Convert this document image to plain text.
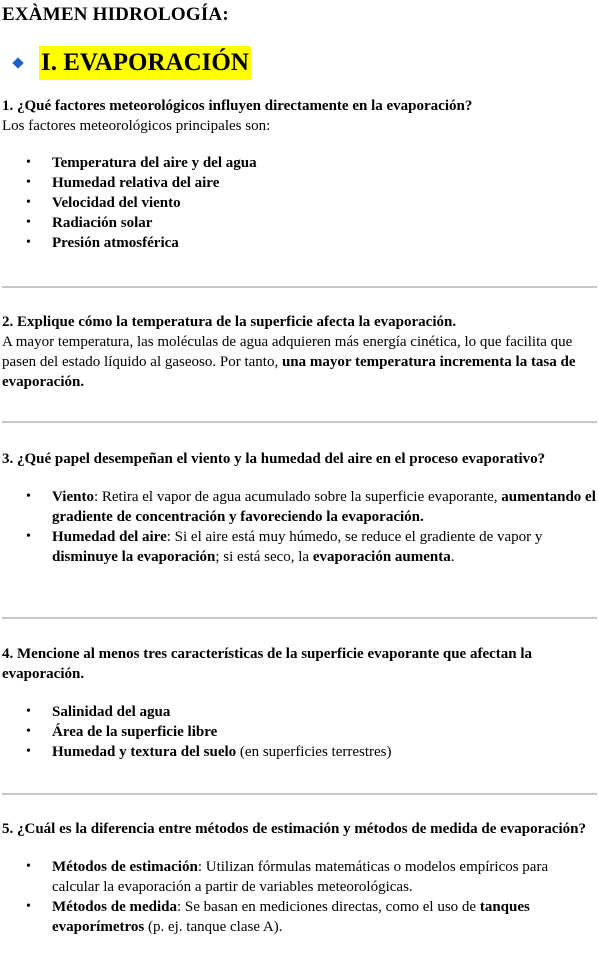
EXÀMEN HIDROLOGÍA:
I. EVAPORACIÓN
1. ¿Qué factores meteorológicos influyen directamente en la evaporación?
Los factores meteorológicos principales son:
• Temperatura del aire y del agua
• Humedad relativa del aire
• Velocidad del viento
• Radiación solar
• Presión atmosférica
2. Explique cómo la temperatura de la superficie afecta la evaporación.
A mayor temperatura, las moléculas de agua adquieren más energía cinética, lo que facilita que pasen del estado líquido al gaseoso. Por tanto, una mayor temperatura incrementa la tasa de evaporación.
3. ¿Qué papel desempeñan el viento y la humedad del aire en el proceso evaporativo?
• Viento: Retira el vapor de agua acumulado sobre la superficie evaporante, aumentando el gradiente de concentración y favoreciendo la evaporación.
• Humedad del aire: Si el aire está muy húmedo, se reduce el gradiente de vapor y disminuye la evaporación; si está seco, la evaporación aumenta.
4. Mencione al menos tres características de la superficie evaporante que afectan la evaporación.
• Salinidad del agua
• Área de la superficie libre
• Humedad y textura del suelo (en superficies terrestres)
5. ¿Cuál es la diferencia entre métodos de estimación y métodos de medida de evaporación?
• Métodos de estimación: Utilizan fórmulas matemáticas o modelos empíricos para calcular la evaporación a partir de variables meteorológicas.
• Métodos de medida: Se basan en mediciones directas, como el uso de tanques evaporímetros (p. ej. tanque clase A).
